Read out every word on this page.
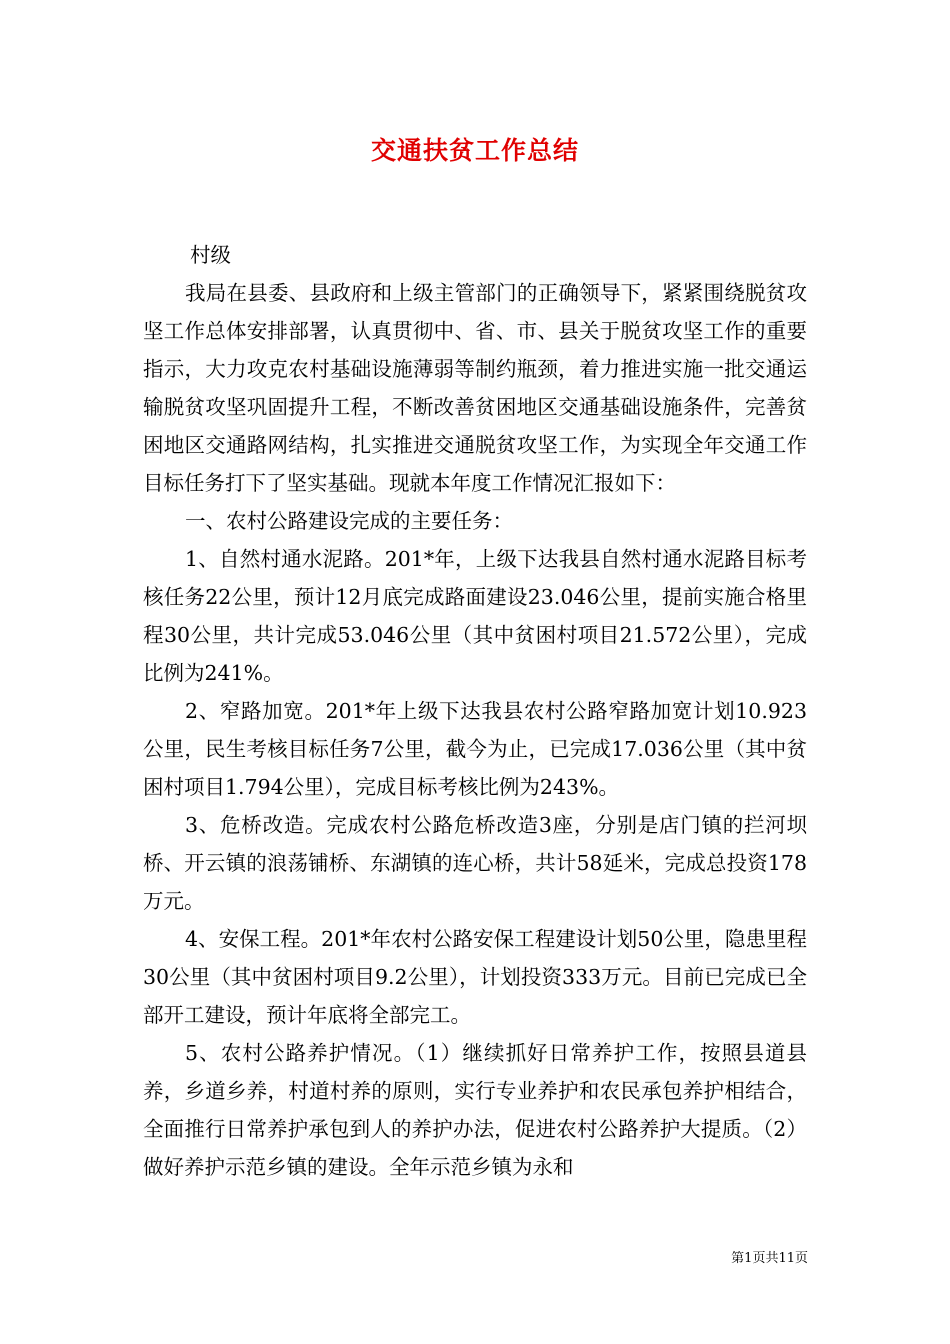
交通扶贫工作总结

村级

我局在县委、县政府和上级主管部门的正确领导下，紧紧围绕脱贫攻坚工作总体安排部署，认真贯彻中、省、市、县关于脱贫攻坚工作的重要指示，大力攻克农村基础设施薄弱等制约瓶颈，着力推进实施一批交通运输脱贫攻坚巩固提升工程，不断改善贫困地区交通基础设施条件，完善贫困地区交通路网结构，扎实推进交通脱贫攻坚工作，为实现全年交通工作目标任务打下了坚实基础。现就本年度工作情况汇报如下：

一、农村公路建设完成的主要任务：

1、自然村通水泥路。201*年，上级下达我县自然村通水泥路目标考核任务22公里，预计12月底完成路面建设23.046公里，提前实施合格里程30公里，共计完成53.046公里（其中贫困村项目21.572公里），完成比例为241%。

2、窄路加宽。201*年上级下达我县农村公路窄路加宽计划10.923公里，民生考核目标任务7公里，截今为止，已完成17.036公里（其中贫困村项目1.794公里），完成目标考核比例为243%。

3、危桥改造。完成农村公路危桥改造3座，分别是店门镇的拦河坝桥、开云镇的浪荡铺桥、东湖镇的连心桥，共计58延米，完成总投资178万元。

4、安保工程。201*年农村公路安保工程建设计划50公里，隐患里程30公里（其中贫困村项目9.2公里），计划投资333万元。目前已完成已全部开工建设，预计年底将全部完工。

5、农村公路养护情况。（1）继续抓好日常养护工作，按照县道县养，乡道乡养，村道村养的原则，实行专业养护和农民承包养护相结合，全面推行日常养护承包到人的养护办法，促进农村公路养护大提质。（2）做好养护示范乡镇的建设。全年示范乡镇为永和

第1页共11页
